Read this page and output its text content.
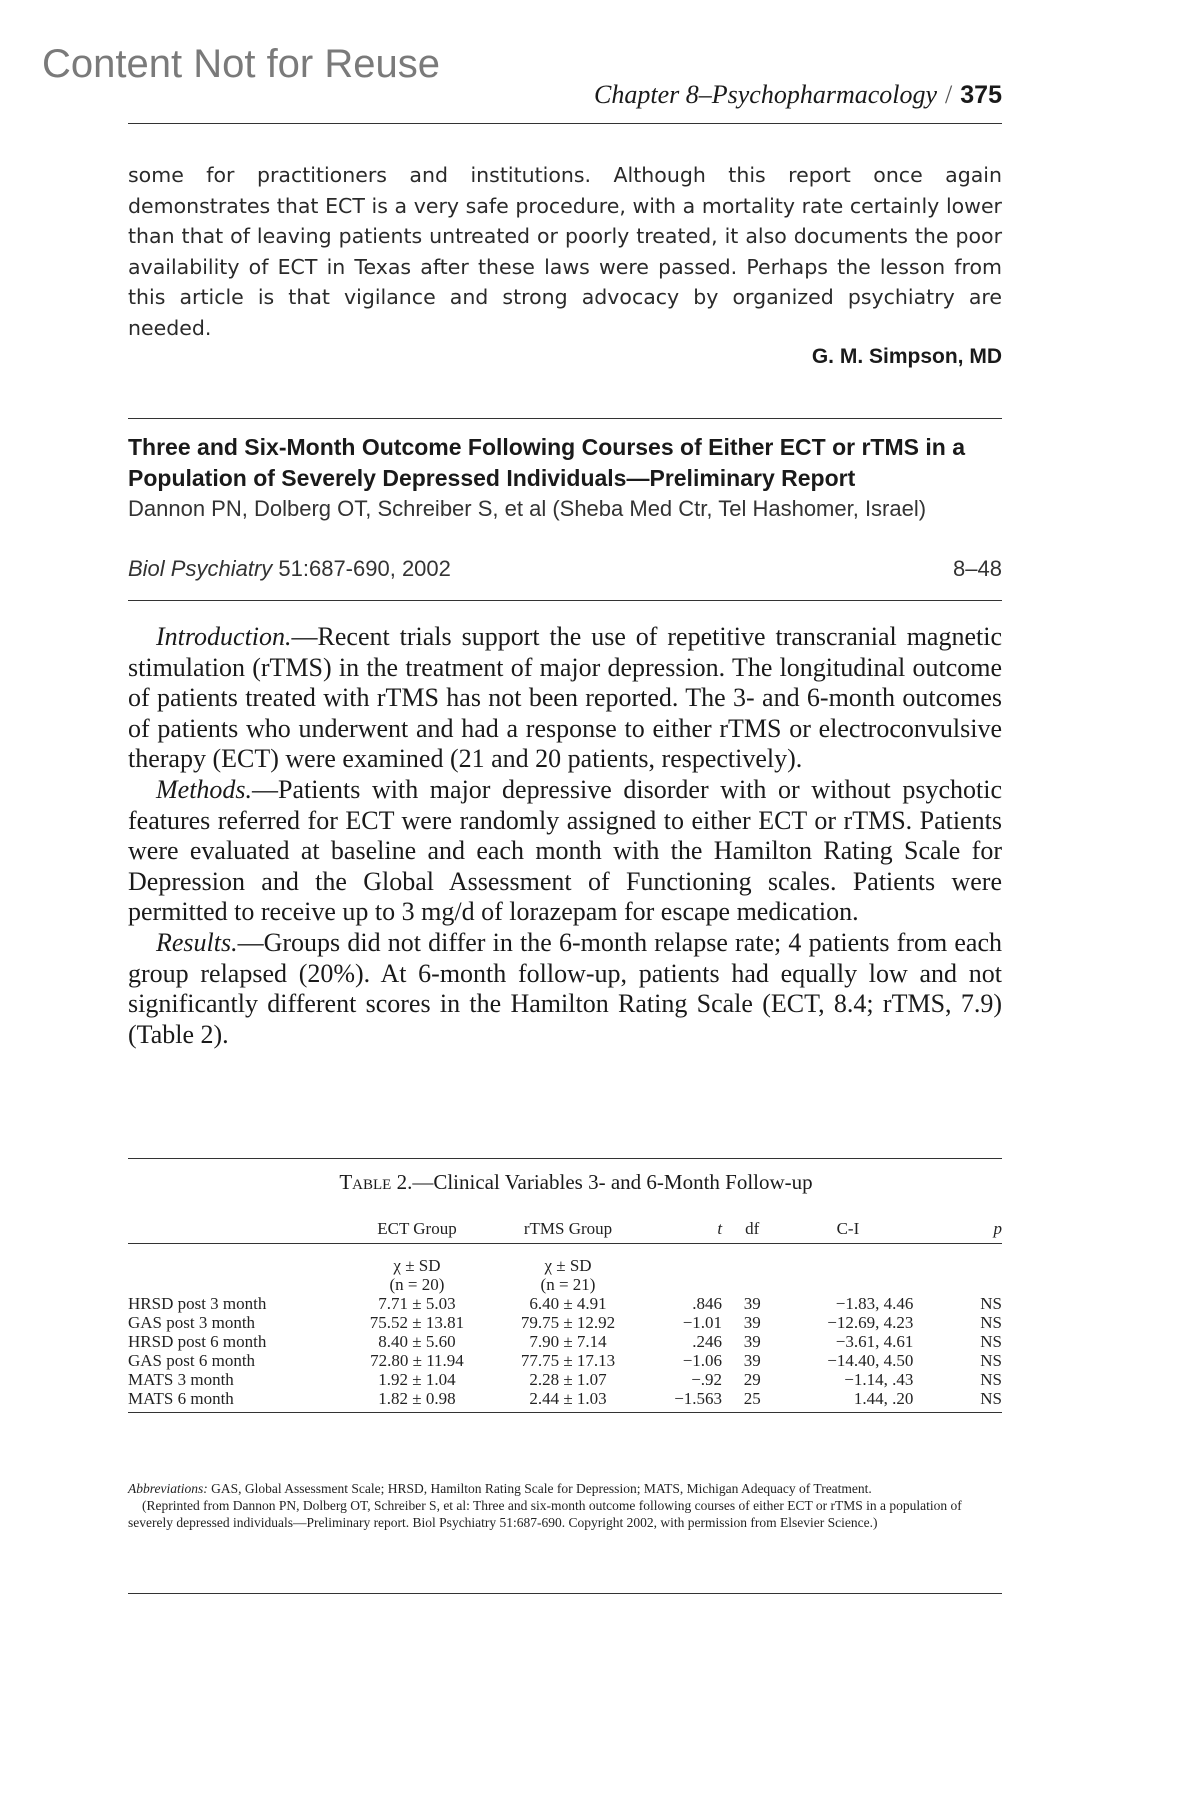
Content Not for Reuse
Chapter 8–Psychopharmacology / 375
some for practitioners and institutions. Although this report once again demonstrates that ECT is a very safe procedure, with a mortality rate certainly lower than that of leaving patients untreated or poorly treated, it also documents the poor availability of ECT in Texas after these laws were passed. Perhaps the lesson from this article is that vigilance and strong advocacy by organized psychiatry are needed.
G. M. Simpson, MD
Three and Six-Month Outcome Following Courses of Either ECT or rTMS in a Population of Severely Depressed Individuals—Preliminary Report
Dannon PN, Dolberg OT, Schreiber S, et al (Sheba Med Ctr, Tel Hashomer, Israel)
Biol Psychiatry 51:687-690, 2002	8–48

Introduction.—Recent trials support the use of repetitive transcranial magnetic stimulation (rTMS) in the treatment of major depression. The longitudinal outcome of patients treated with rTMS has not been reported. The 3- and 6-month outcomes of patients who underwent and had a response to either rTMS or electroconvulsive therapy (ECT) were examined (21 and 20 patients, respectively).

Methods.—Patients with major depressive disorder with or without psychotic features referred for ECT were randomly assigned to either ECT or rTMS. Patients were evaluated at baseline and each month with the Hamilton Rating Scale for Depression and the Global Assessment of Functioning scales. Patients were permitted to receive up to 3 mg/d of lorazepam for escape medication.

Results.—Groups did not differ in the 6-month relapse rate; 4 patients from each group relapsed (20%). At 6-month follow-up, patients had equally low and not significantly different scores in the Hamilton Rating Scale (ECT, 8.4; rTMS, 7.9) (Table 2).

Table 2.—Clinical Variables 3- and 6-Month Follow-up
	ECT Group	rTMS Group	t	df	C-I	p
	χ ± SD	χ ± SD				
	(n = 20)	(n = 21)				
HRSD post 3 month	7.71 ± 5.03	6.40 ± 4.91	.846	39	−1.83, 4.46	NS
GAS post 3 month	75.52 ± 13.81	79.75 ± 12.92	−1.01	39	−12.69, 4.23	NS
HRSD post 6 month	8.40 ± 5.60	7.90 ± 7.14	.246	39	−3.61, 4.61	NS
GAS post 6 month	72.80 ± 11.94	77.75 ± 17.13	−1.06	39	−14.40, 4.50	NS
MATS 3 month	1.92 ± 1.04	2.28 ± 1.07	−.92	29	−1.14, .43	NS
MATS 6 month	1.82 ± 0.98	2.44 ± 1.03	−1.563	25	1.44, .20	NS

Abbreviations: GAS, Global Assessment Scale; HRSD, Hamilton Rating Scale for Depression; MATS, Michigan Adequacy of Treatment.

(Reprinted from Dannon PN, Dolberg OT, Schreiber S, et al: Three and six-month outcome following courses of either ECT or rTMS in a population of severely depressed individuals—Preliminary report. Biol Psychiatry 51:687-690. Copyright 2002, with permission from Elsevier Science.)
